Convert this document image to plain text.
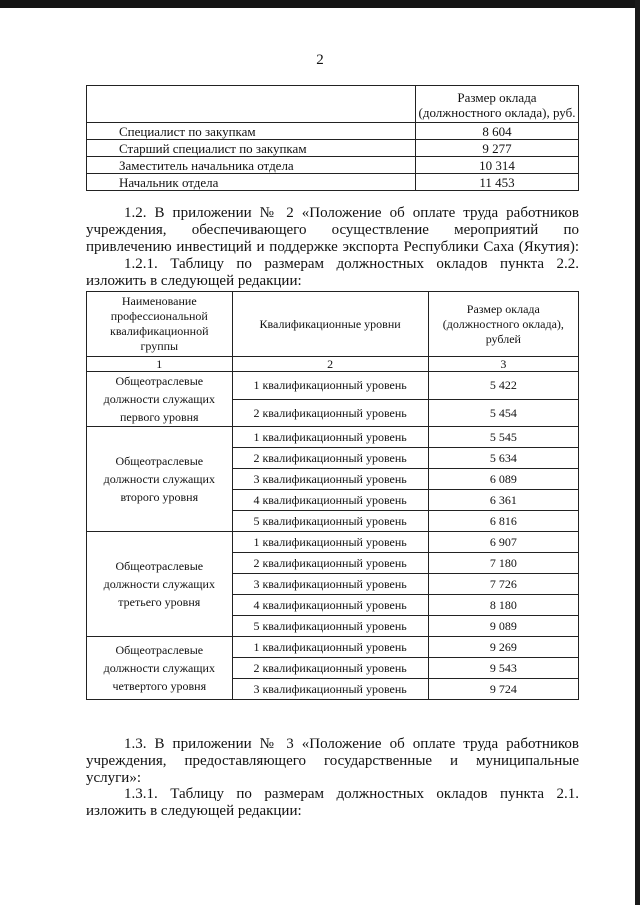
2

	Размер оклада
(должностного оклада), руб.

Специалист по закупкам	8 604
Старший специалист по закупкам	9 277
Заместитель начальника отдела	10 314
Начальник отдела	11 453
1.2. В приложении № 2 «Положение об оплате труда работников
учреждения, обеспечивающего осуществление мероприятий по
привлечению инвестиций и поддержке экспорта Республики Саха (Якутия):
1.2.1. Таблицу по размерам должностных окладов пункта 2.2.
изложить в следующей редакции:
Наименование
профессиональной
квалификационной
группы	Квалификационные уровни	Размер оклада
(должностного оклада),
рублей
1	2	3
Общеотраслевые
должности служащих
первого уровня	1 квалификационный уровень	5 422
	2 квалификационный уровень	5 454
Общеотраслевые
должности служащих
второго уровня	1 квалификационный уровень	5 545
	2 квалификационный уровень	5 634
	3 квалификационный уровень	6 089
	4 квалификационный уровень	6 361
	5 квалификационный уровень	6 816
Общеотраслевые
должности служащих
третьего уровня	1 квалификационный уровень	6 907
	2 квалификационный уровень	7 180
	3 квалификационный уровень	7 726
	4 квалификационный уровень	8 180
	5 квалификационный уровень	9 089
Общеотраслевые
должности служащих
четвертого уровня	1 квалификационный уровень	9 269
	2 квалификационный уровень	9 543
	3 квалификационный уровень	9 724
1.3. В приложении № 3 «Положение об оплате труда работников
учреждения, предоставляющего государственные и муниципальные
услуги»:
1.3.1. Таблицу по размерам должностных окладов пункта 2.1.
изложить в следующей редакции:
